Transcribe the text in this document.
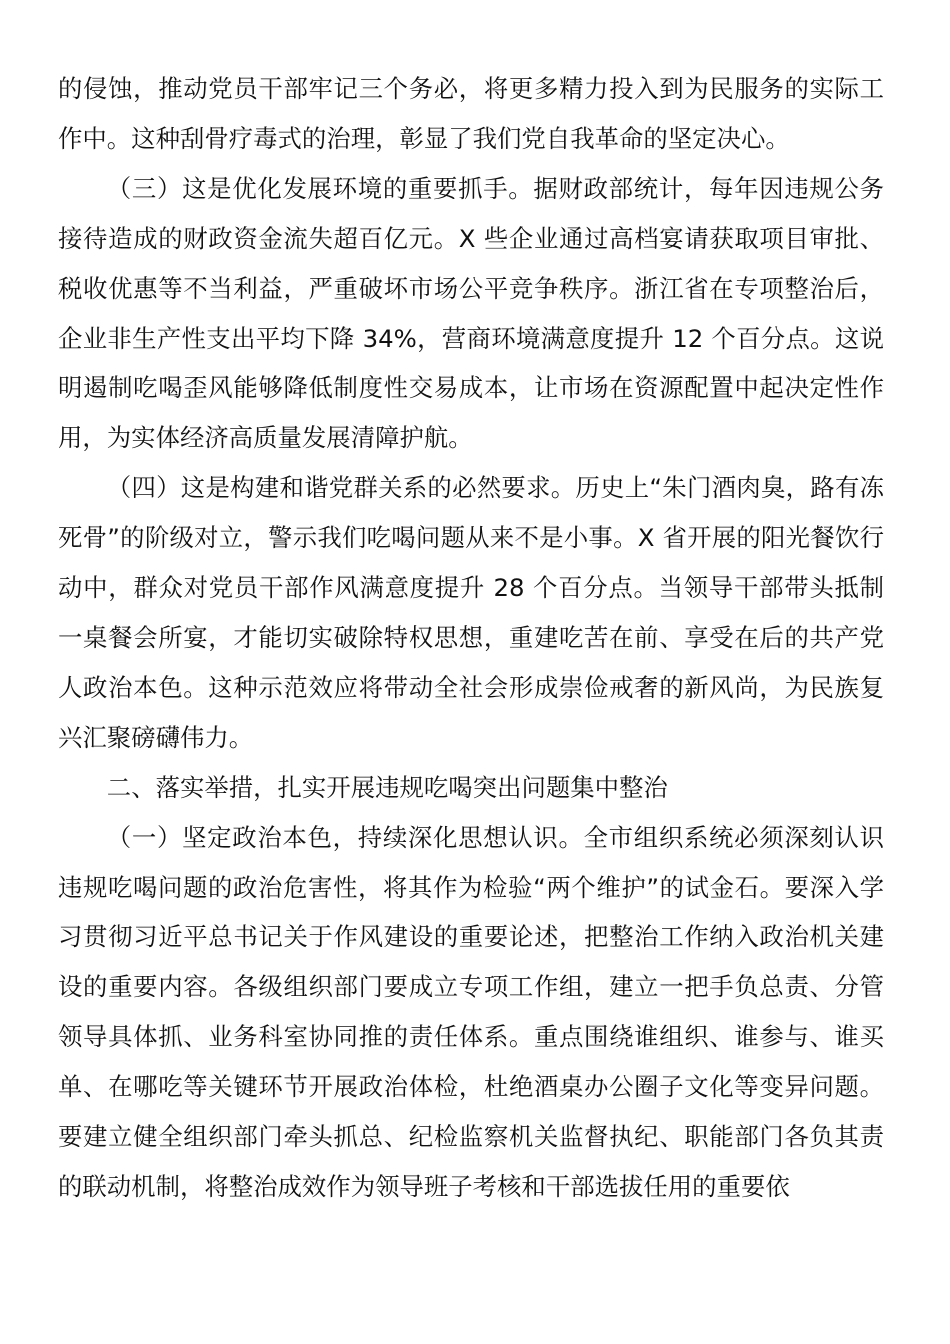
的侵蚀，推动党员干部牢记三个务必，将更多精力投入到为民服务的实际工作中。这种刮骨疗毒式的治理，彰显了我们党自我革命的坚定决心。

（三）这是优化发展环境的重要抓手。据财政部统计，每年因违规公务接待造成的财政资金流失超百亿元。X 些企业通过高档宴请获取项目审批、税收优惠等不当利益，严重破坏市场公平竞争秩序。浙江省在专项整治后，企业非生产性支出平均下降 34%，营商环境满意度提升 12 个百分点。这说明遏制吃喝歪风能够降低制度性交易成本，让市场在资源配置中起决定性作用，为实体经济高质量发展清障护航。

（四）这是构建和谐党群关系的必然要求。历史上“朱门酒肉臭，路有冻死骨”的阶级对立，警示我们吃喝问题从来不是小事。X 省开展的阳光餐饮行动中，群众对党员干部作风满意度提升 28 个百分点。当领导干部带头抵制一桌餐会所宴，才能切实破除特权思想，重建吃苦在前、享受在后的共产党人政治本色。这种示范效应将带动全社会形成崇俭戒奢的新风尚，为民族复兴汇聚磅礴伟力。

二、落实举措，扎实开展违规吃喝突出问题集中整治

（一）坚定政治本色，持续深化思想认识。全市组织系统必须深刻认识违规吃喝问题的政治危害性，将其作为检验“两个维护”的试金石。要深入学习贯彻习近平总书记关于作风建设的重要论述，把整治工作纳入政治机关建设的重要内容。各级组织部门要成立专项工作组，建立一把手负总责、分管领导具体抓、业务科室协同推的责任体系。重点围绕谁组织、谁参与、谁买单、在哪吃等关键环节开展政治体检，杜绝酒桌办公圈子文化等变异问题。要建立健全组织部门牵头抓总、纪检监察机关监督执纪、职能部门各负其责的联动机制，将整治成效作为领导班子考核和干部选拔任用的重要依
